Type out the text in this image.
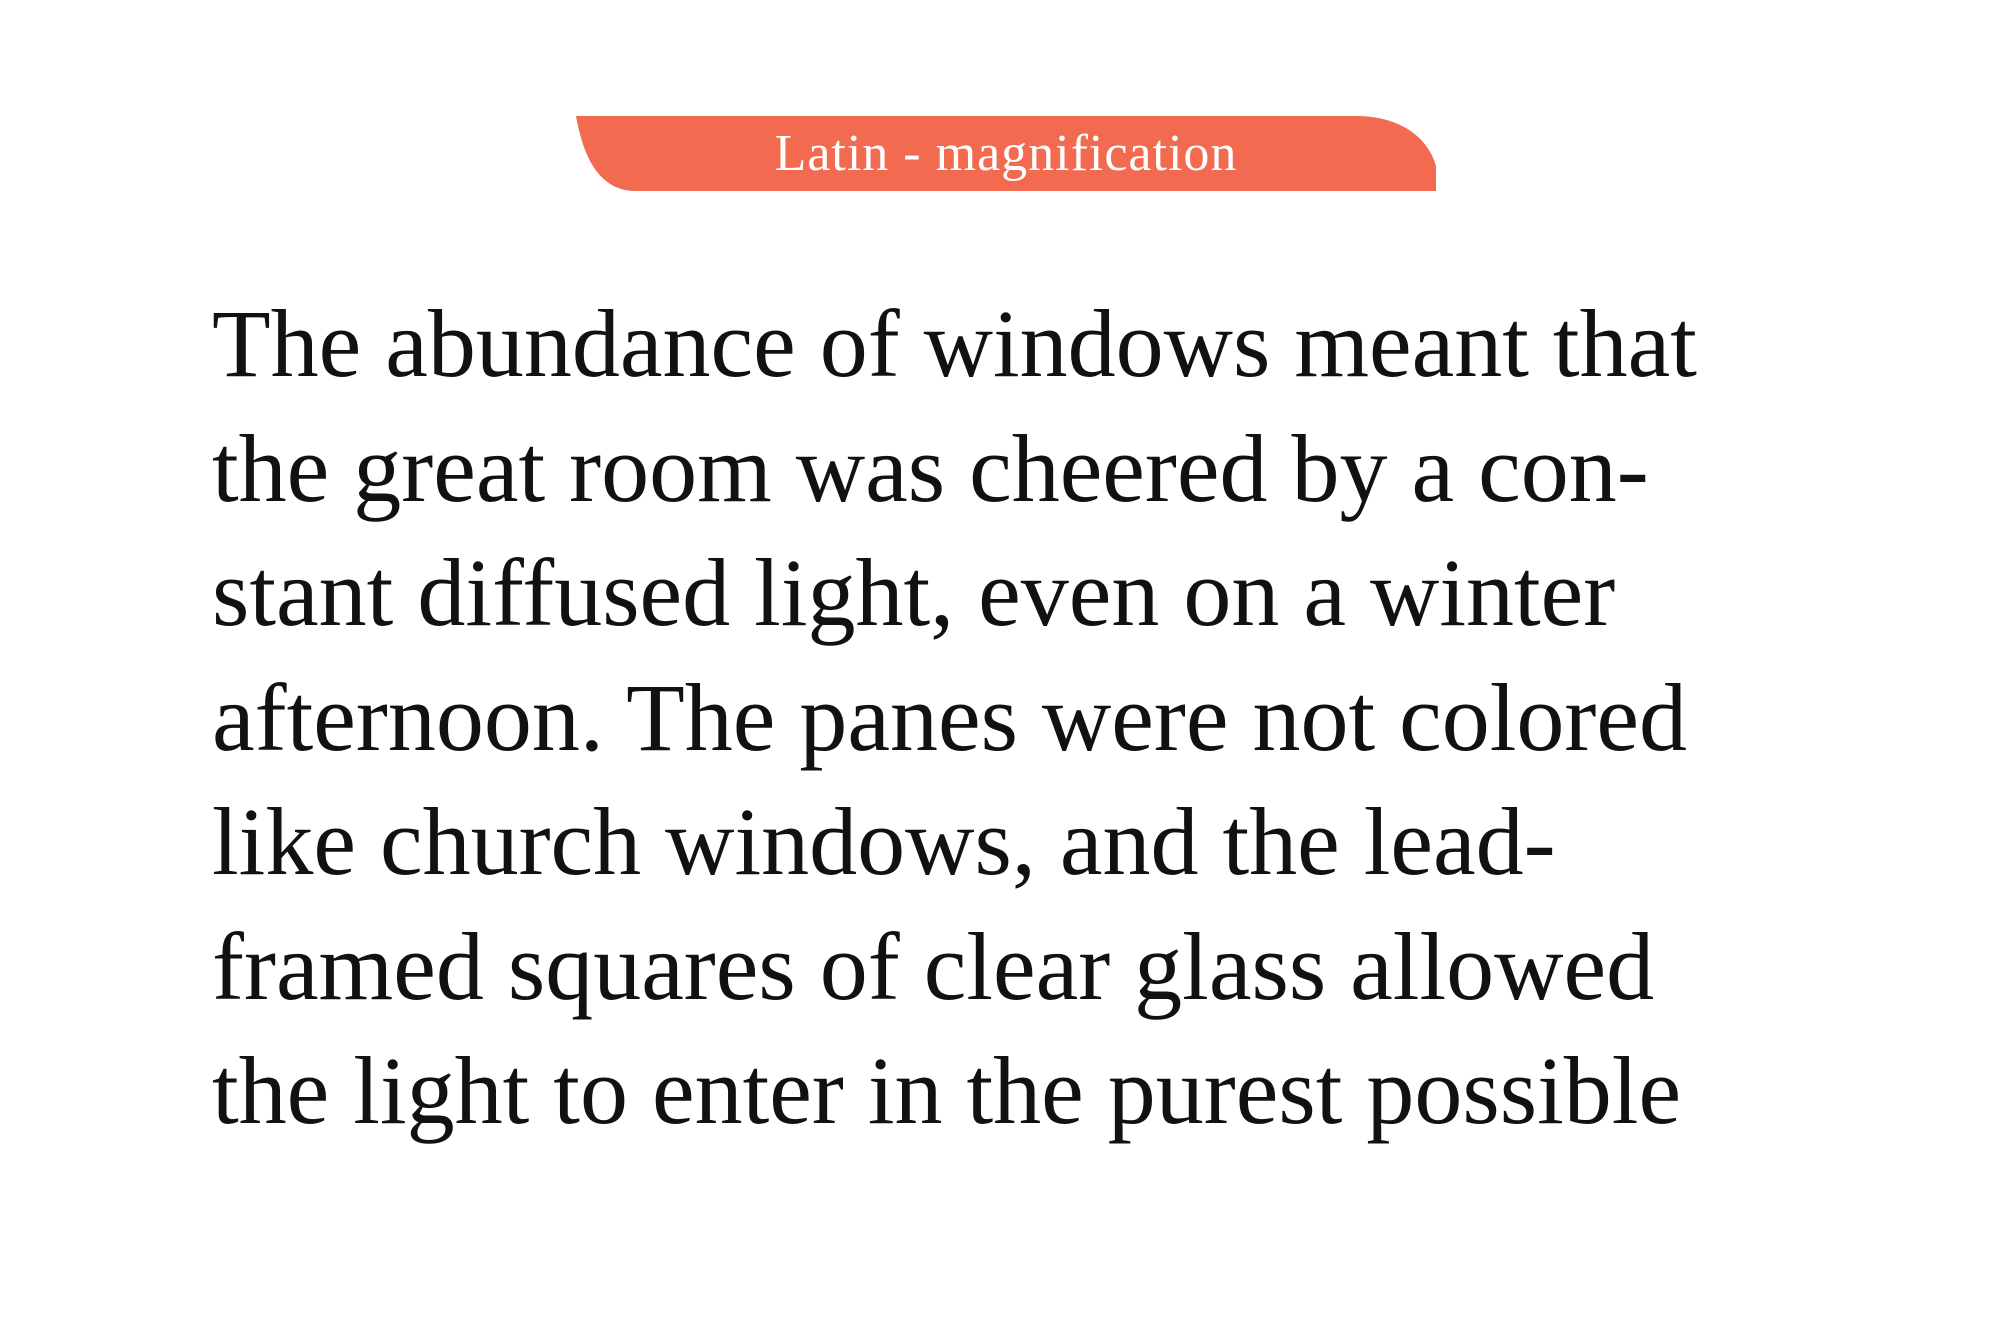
Latin - magnification
The abundance of windows meant that
the great room was cheered by a con-
stant diffused light, even on a winter
afternoon. The panes were not colored
like church windows, and the lead-
framed squares of clear glass allowed
the light to enter in the purest possible
